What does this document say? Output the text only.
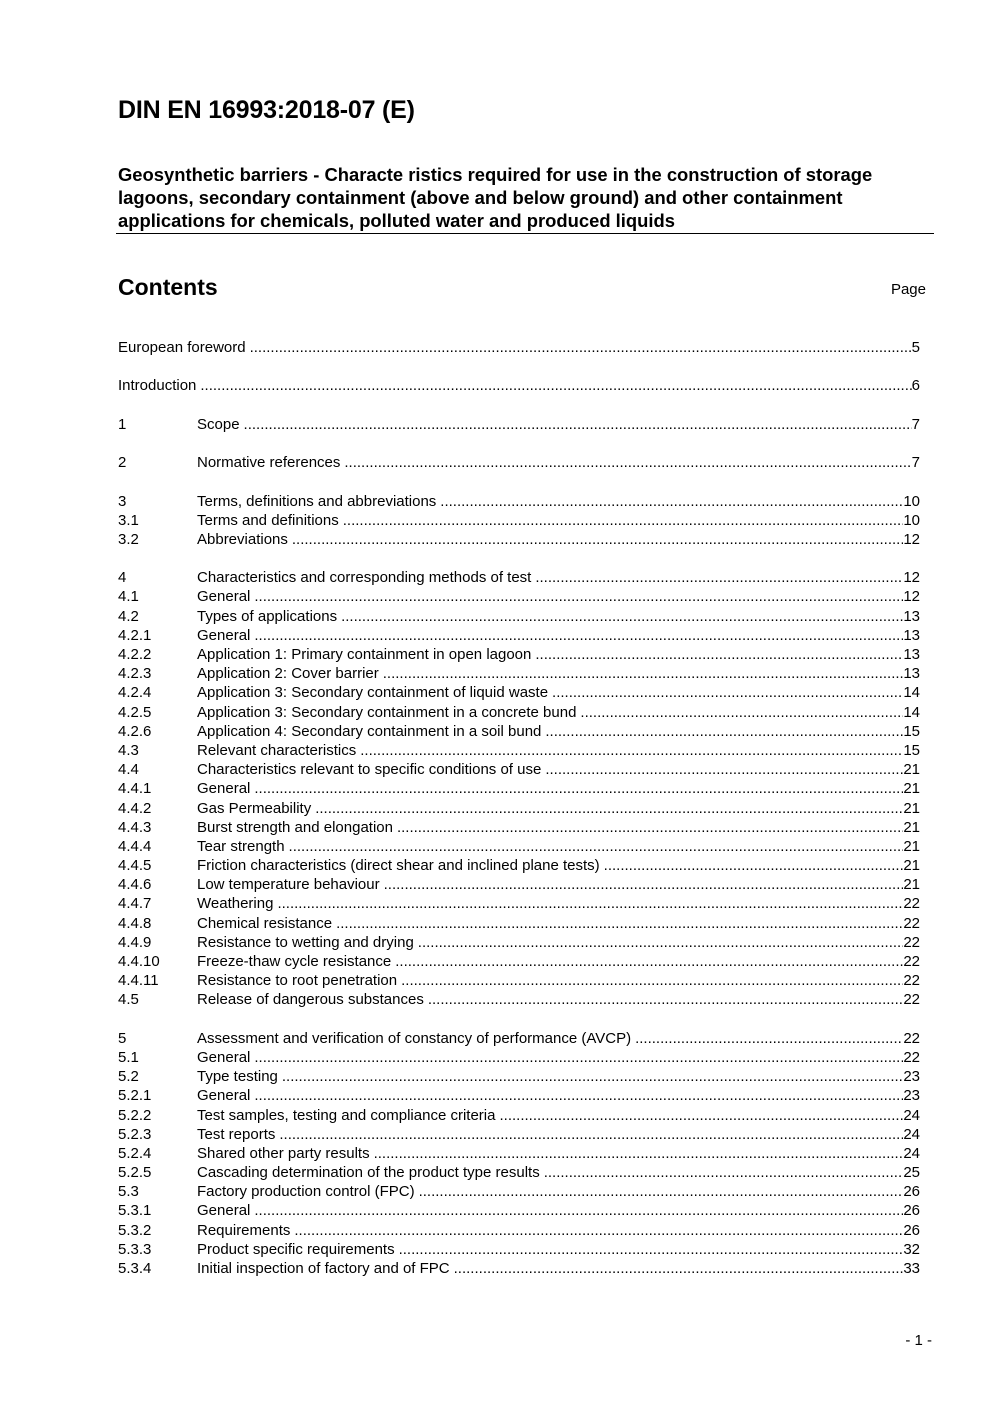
DIN EN 16993:2018-07 (E)
Geosynthetic barriers - Characte ristics required for use in the construction of storage lagoons, secondary containment (above and below ground) and other containment applications for chemicals, polluted water and produced liquids
Contents	Page
European foreword .....	5
Introduction .....	6
1	Scope .....	7
2	Normative references .....	7
3	Terms, definitions and abbreviations .....	10
3.1	Terms and definitions .....	10
3.2	Abbreviations .....	12
4	Characteristics and corresponding methods of test .....	12
4.1	General .....	12
4.2	Types of applications .....	13
4.2.1	General .....	13
4.2.2	Application 1: Primary containment in open lagoon .....	13
4.2.3	Application 2: Cover barrier .....	13
4.2.4	Application 3: Secondary containment of liquid waste .....	14
4.2.5	Application 3: Secondary containment in a concrete bund .....	14
4.2.6	Application 4: Secondary containment in a soil bund .....	15
4.3	Relevant characteristics .....	15
4.4	Characteristics relevant to specific conditions of use .....	21
4.4.1	General .....	21
4.4.2	Gas Permeability .....	21
4.4.3	Burst strength and elongation .....	21
4.4.4	Tear strength .....	21
4.4.5	Friction characteristics (direct shear and inclined plane tests) .....	21
4.4.6	Low temperature behaviour .....	21
4.4.7	Weathering .....	22
4.4.8	Chemical resistance .....	22
4.4.9	Resistance to wetting and drying .....	22
4.4.10	Freeze-thaw cycle resistance .....	22
4.4.11	Resistance to root penetration .....	22
4.5	Release of dangerous substances .....	22
5	Assessment and verification of constancy of performance (AVCP) .....	22
5.1	General .....	22
5.2	Type testing .....	23
5.2.1	General .....	23
5.2.2	Test samples, testing and compliance criteria .....	24
5.2.3	Test reports .....	24
5.2.4	Shared other party results .....	24
5.2.5	Cascading determination of the product type results .....	25
5.3	Factory production control (FPC) .....	26
5.3.1	General .....	26
5.3.2	Requirements .....	26
5.3.3	Product specific requirements .....	32
5.3.4	Initial inspection of factory and of FPC .....	33
- 1 -
